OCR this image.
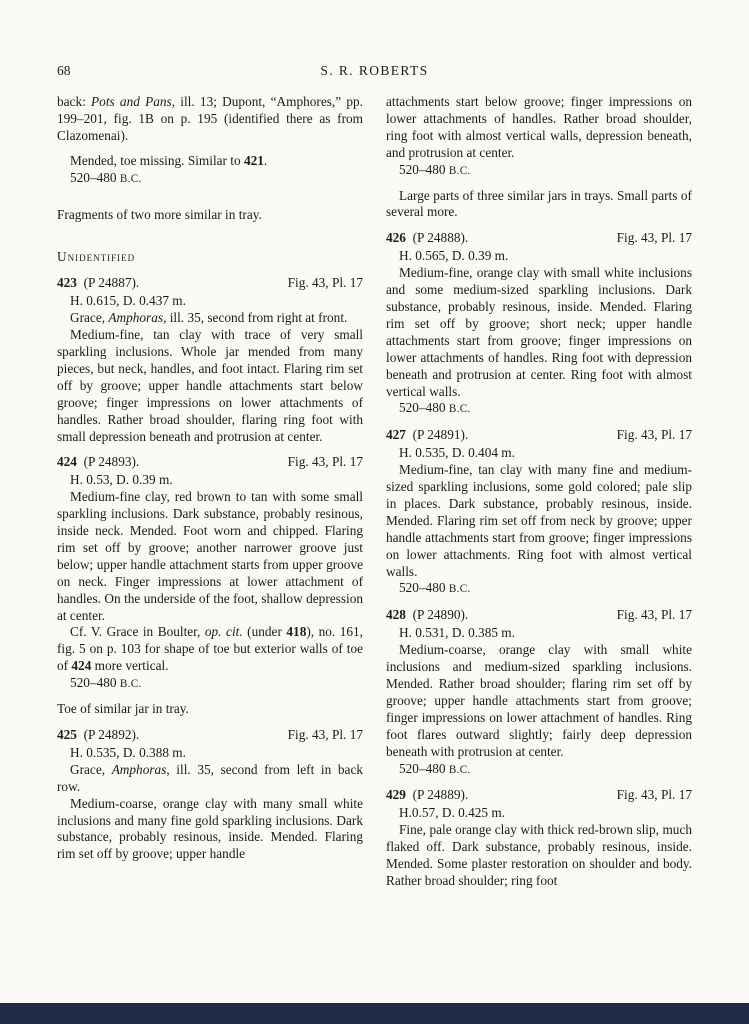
68	S. R. ROBERTS

back: Pots and Pans, ill. 13; Dupont, “Amphores,” pp. 199–201, fig. 1B on p. 195 (identified there as from Clazomenai).

Mended, toe missing. Similar to 421.

520–480 B.C.

Fragments of two more similar in tray.

Unidentified
423 (P 24887).	Fig. 43, Pl. 17

H. 0.615, D. 0.437 m.

Grace, Amphoras, ill. 35, second from right at front.

Medium-fine, tan clay with trace of very small sparkling inclusions. Whole jar mended from many pieces, but neck, handles, and foot intact. Flaring rim set off by groove; upper handle attachments start below groove; finger impressions on lower attachments of handles. Rather broad shoulder, flaring ring foot with small depression beneath and protrusion at center.

424 (P 24893).	Fig. 43, Pl. 17

H. 0.53, D. 0.39 m.

Medium-fine clay, red brown to tan with some small sparkling inclusions. Dark substance, probably resinous, inside neck. Mended. Foot worn and chipped. Flaring rim set off by groove; another narrower groove just below; upper handle attachment starts from upper groove on neck. Finger impressions at lower attachment of handles. On the underside of the foot, shallow depression at center.

Cf. V. Grace in Boulter, op. cit. (under 418), no. 161, fig. 5 on p. 103 for shape of toe but exterior walls of toe of 424 more vertical.

520–480 B.C.

Toe of similar jar in tray.

425 (P 24892).	Fig. 43, Pl. 17

H. 0.535, D. 0.388 m.

Grace, Amphoras, ill. 35, second from left in back row.

Medium-coarse, orange clay with many small white inclusions and many fine gold sparkling inclusions. Dark substance, probably resinous, inside. Mended. Flaring rim set off by groove; upper handle

attachments start below groove; finger impressions on lower attachments of handles. Rather broad shoulder, ring foot with almost vertical walls, depression beneath, and protrusion at center.

520–480 B.C.

Large parts of three similar jars in trays. Small parts of several more.

426 (P 24888).	Fig. 43, Pl. 17

H. 0.565, D. 0.39 m.

Medium-fine, orange clay with small white inclusions and some medium-sized sparkling inclusions. Dark substance, probably resinous, inside. Mended. Flaring rim set off by groove; short neck; upper handle attachments start from groove; finger impressions on lower attachments of handles. Ring foot with depression beneath and protrusion at center. Ring foot with almost vertical walls.

520–480 B.C.

427 (P 24891).	Fig. 43, Pl. 17

H. 0.535, D. 0.404 m.

Medium-fine, tan clay with many fine and medium-sized sparkling inclusions, some gold colored; pale slip in places. Dark substance, probably resinous, inside. Mended. Flaring rim set off from neck by groove; upper handle attachments start from groove; finger impressions on lower attachments. Ring foot with almost vertical walls.

520–480 B.C.

428 (P 24890).	Fig. 43, Pl. 17

H. 0.531, D. 0.385 m.

Medium-coarse, orange clay with small white inclusions and medium-sized sparkling inclusions. Mended. Rather broad shoulder; flaring rim set off by groove; upper handle attachments start from groove; finger impressions on lower attachment of handles. Ring foot flares outward slightly; fairly deep depression beneath with protrusion at center.

520–480 B.C.

429 (P 24889).	Fig. 43, Pl. 17

H.0.57, D. 0.425 m.

Fine, pale orange clay with thick red-brown slip, much flaked off. Dark substance, probably resinous, inside. Mended. Some plaster restoration on shoulder and body. Rather broad shoulder; ring foot
